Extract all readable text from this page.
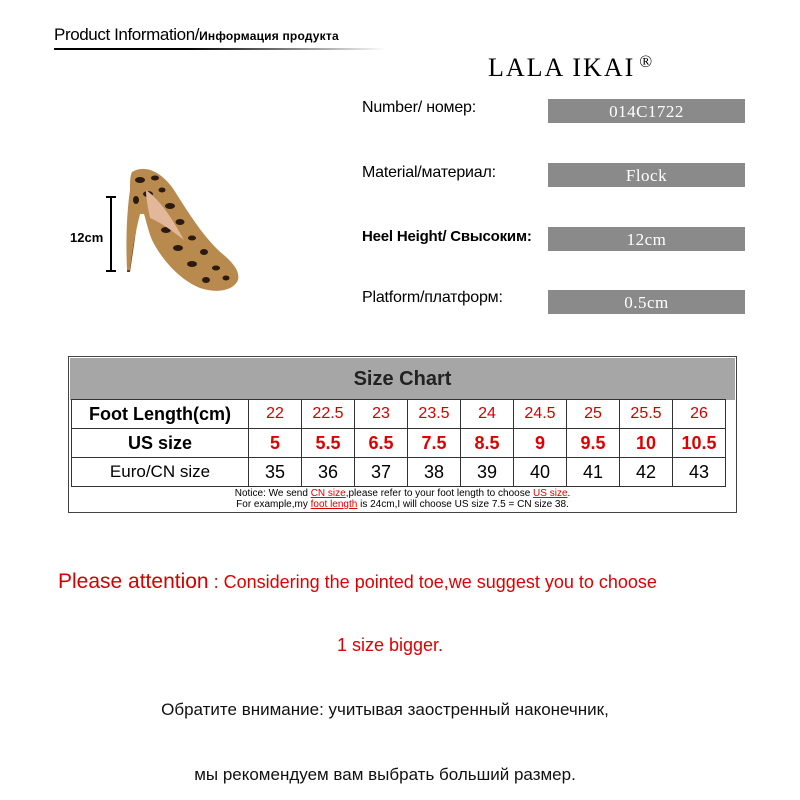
Product Information/Информация продукта
LALA IKAI ®
Number/ номер:	014C1722
Material/материал:	Flock
Heel Height/ Свысоким:	12cm
Platform/платформ:	0.5cm
12cm
Size Chart
Foot Length(cm)	22	22.5	23	23.5	24	24.5	25	25.5	26
US size	5	5.5	6.5	7.5	8.5	9	9.5	10	10.5
Euro/CN size	35	36	37	38	39	40	41	42	43
Notice: We send CN size,please refer to your foot length to choose US size.
For example,my foot length is 24cm,I will choose US size 7.5 = CN size 38.
Please attention : Considering the pointed toe,we suggest you to choose
1 size bigger.
Обратите внимание: учитывая заостренный наконечник,
мы рекомендуем вам выбрать больший размер.
